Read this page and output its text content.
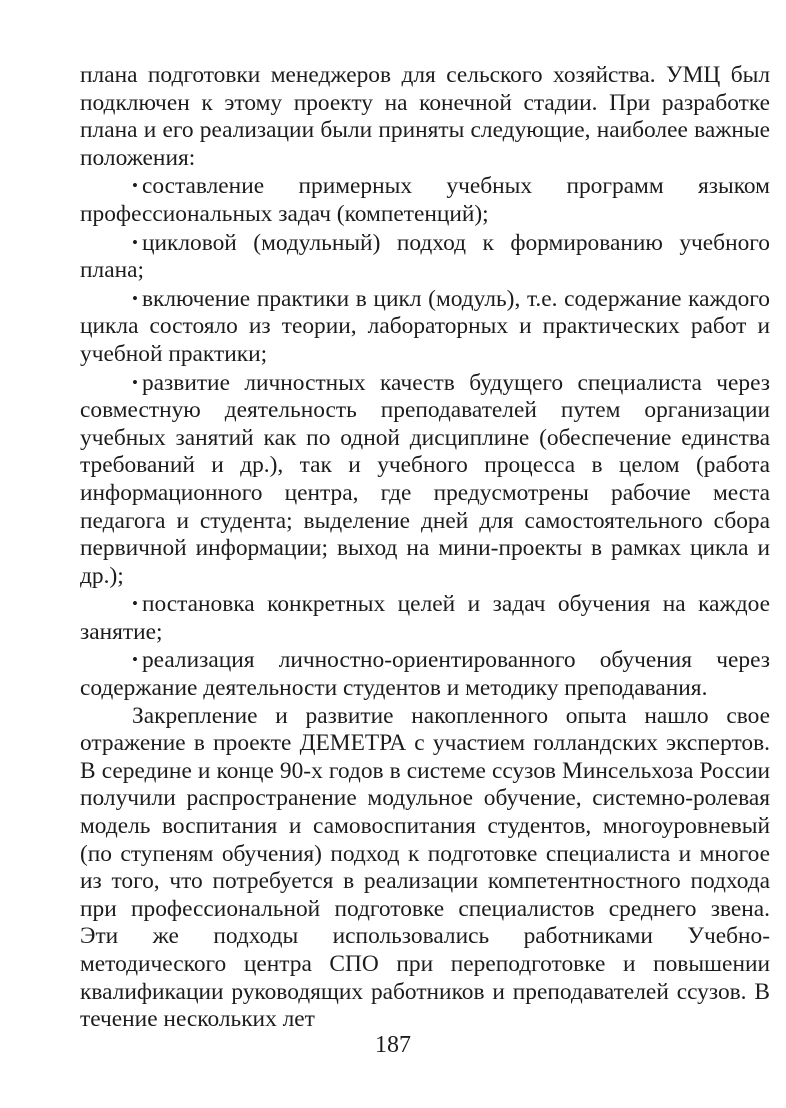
плана подготовки менеджеров для сельского хозяйства. УМЦ был подключен к этому проекту на конечной стадии. При разработке плана и его реализации были приняты следующие, наиболее важные положения:

• составление примерных учебных программ языком профессиональных задач (компетенций);

• цикловой (модульный) подход к формированию учебного плана;

• включение практики в цикл (модуль), т.е. содержание каждого цикла состояло из теории, лабораторных и практических работ и учебной практики;

• развитие личностных качеств будущего специалиста через совместную деятельность преподавателей путем организации учебных занятий как по одной дисциплине (обеспечение единства требований и др.), так и учебного процесса в целом (работа информационного центра, где предусмотрены рабочие места педагога и студента; выделение дней для самостоятельного сбора первичной информации; выход на мини-проекты в рамках цикла и др.);

• постановка конкретных целей и задач обучения на каждое занятие;

• реализация личностно-ориентированного обучения через содержание деятельности студентов и методику преподавания.

Закрепление и развитие накопленного опыта нашло свое отражение в проекте ДЕМЕТРА с участием голландских экспертов. В середине и конце 90-х годов в системе ссузов Минсельхоза России получили распространение модульное обучение, системно-ролевая модель воспитания и самовоспитания студентов, многоуровневый (по ступеням обучения) подход к подготовке специалиста и многое из того, что потребуется в реализации компетентностного подхода при профессиональной подготовке специалистов среднего звена. Эти же подходы использовались работниками Учебно-методического центра СПО при переподготовке и повышении квалификации руководящих работников и преподавателей ссузов. В течение нескольких лет

187
